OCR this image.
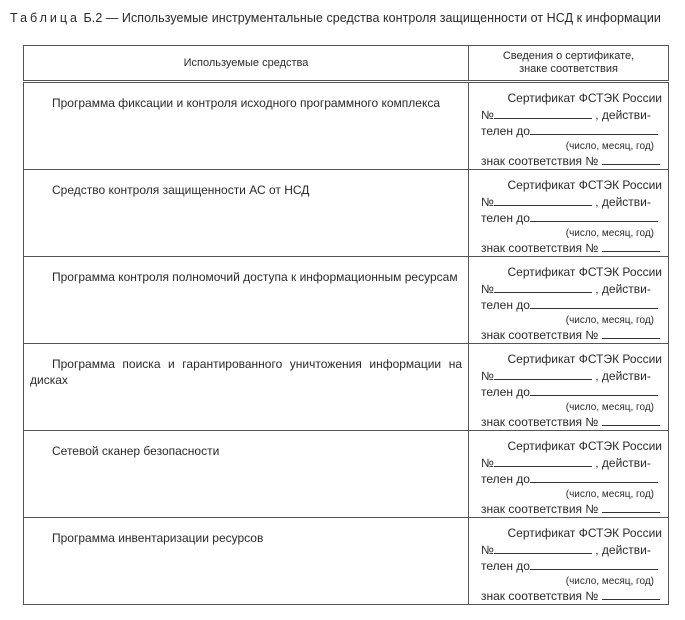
Таблица Б.2 — Используемые инструментальные средства контроля защищенности от НСД к информации
Используемые средства	Сведения о сертификате,
знаке соответствия

Программа фиксации и контроля исходного программного комплекса	Сертификат ФСТЭК России
№ , действи-
телен до
(число, месяц, год)
знак соответствия №

Средство контроля защищенности АС от НСД	Сертификат ФСТЭК России
№ , действи-
телен до
(число, месяц, год)
знак соответствия №

Программа контроля полномочий доступа к информационным ресурсам	Сертификат ФСТЭК России
№ , действи-
телен до
(число, месяц, год)
знак соответствия №

Программа поиска и гарантированного уничтожения информации на дисках	Сертификат ФСТЭК России
№ , действи-
телен до
(число, месяц, год)
знак соответствия №

Сетевой сканер безопасности	Сертификат ФСТЭК России
№ , действи-
телен до
(число, месяц, год)
знак соответствия №

Программа инвентаризации ресурсов	Сертификат ФСТЭК России
№ , действи-
телен до
(число, месяц, год)
знак соответствия №
